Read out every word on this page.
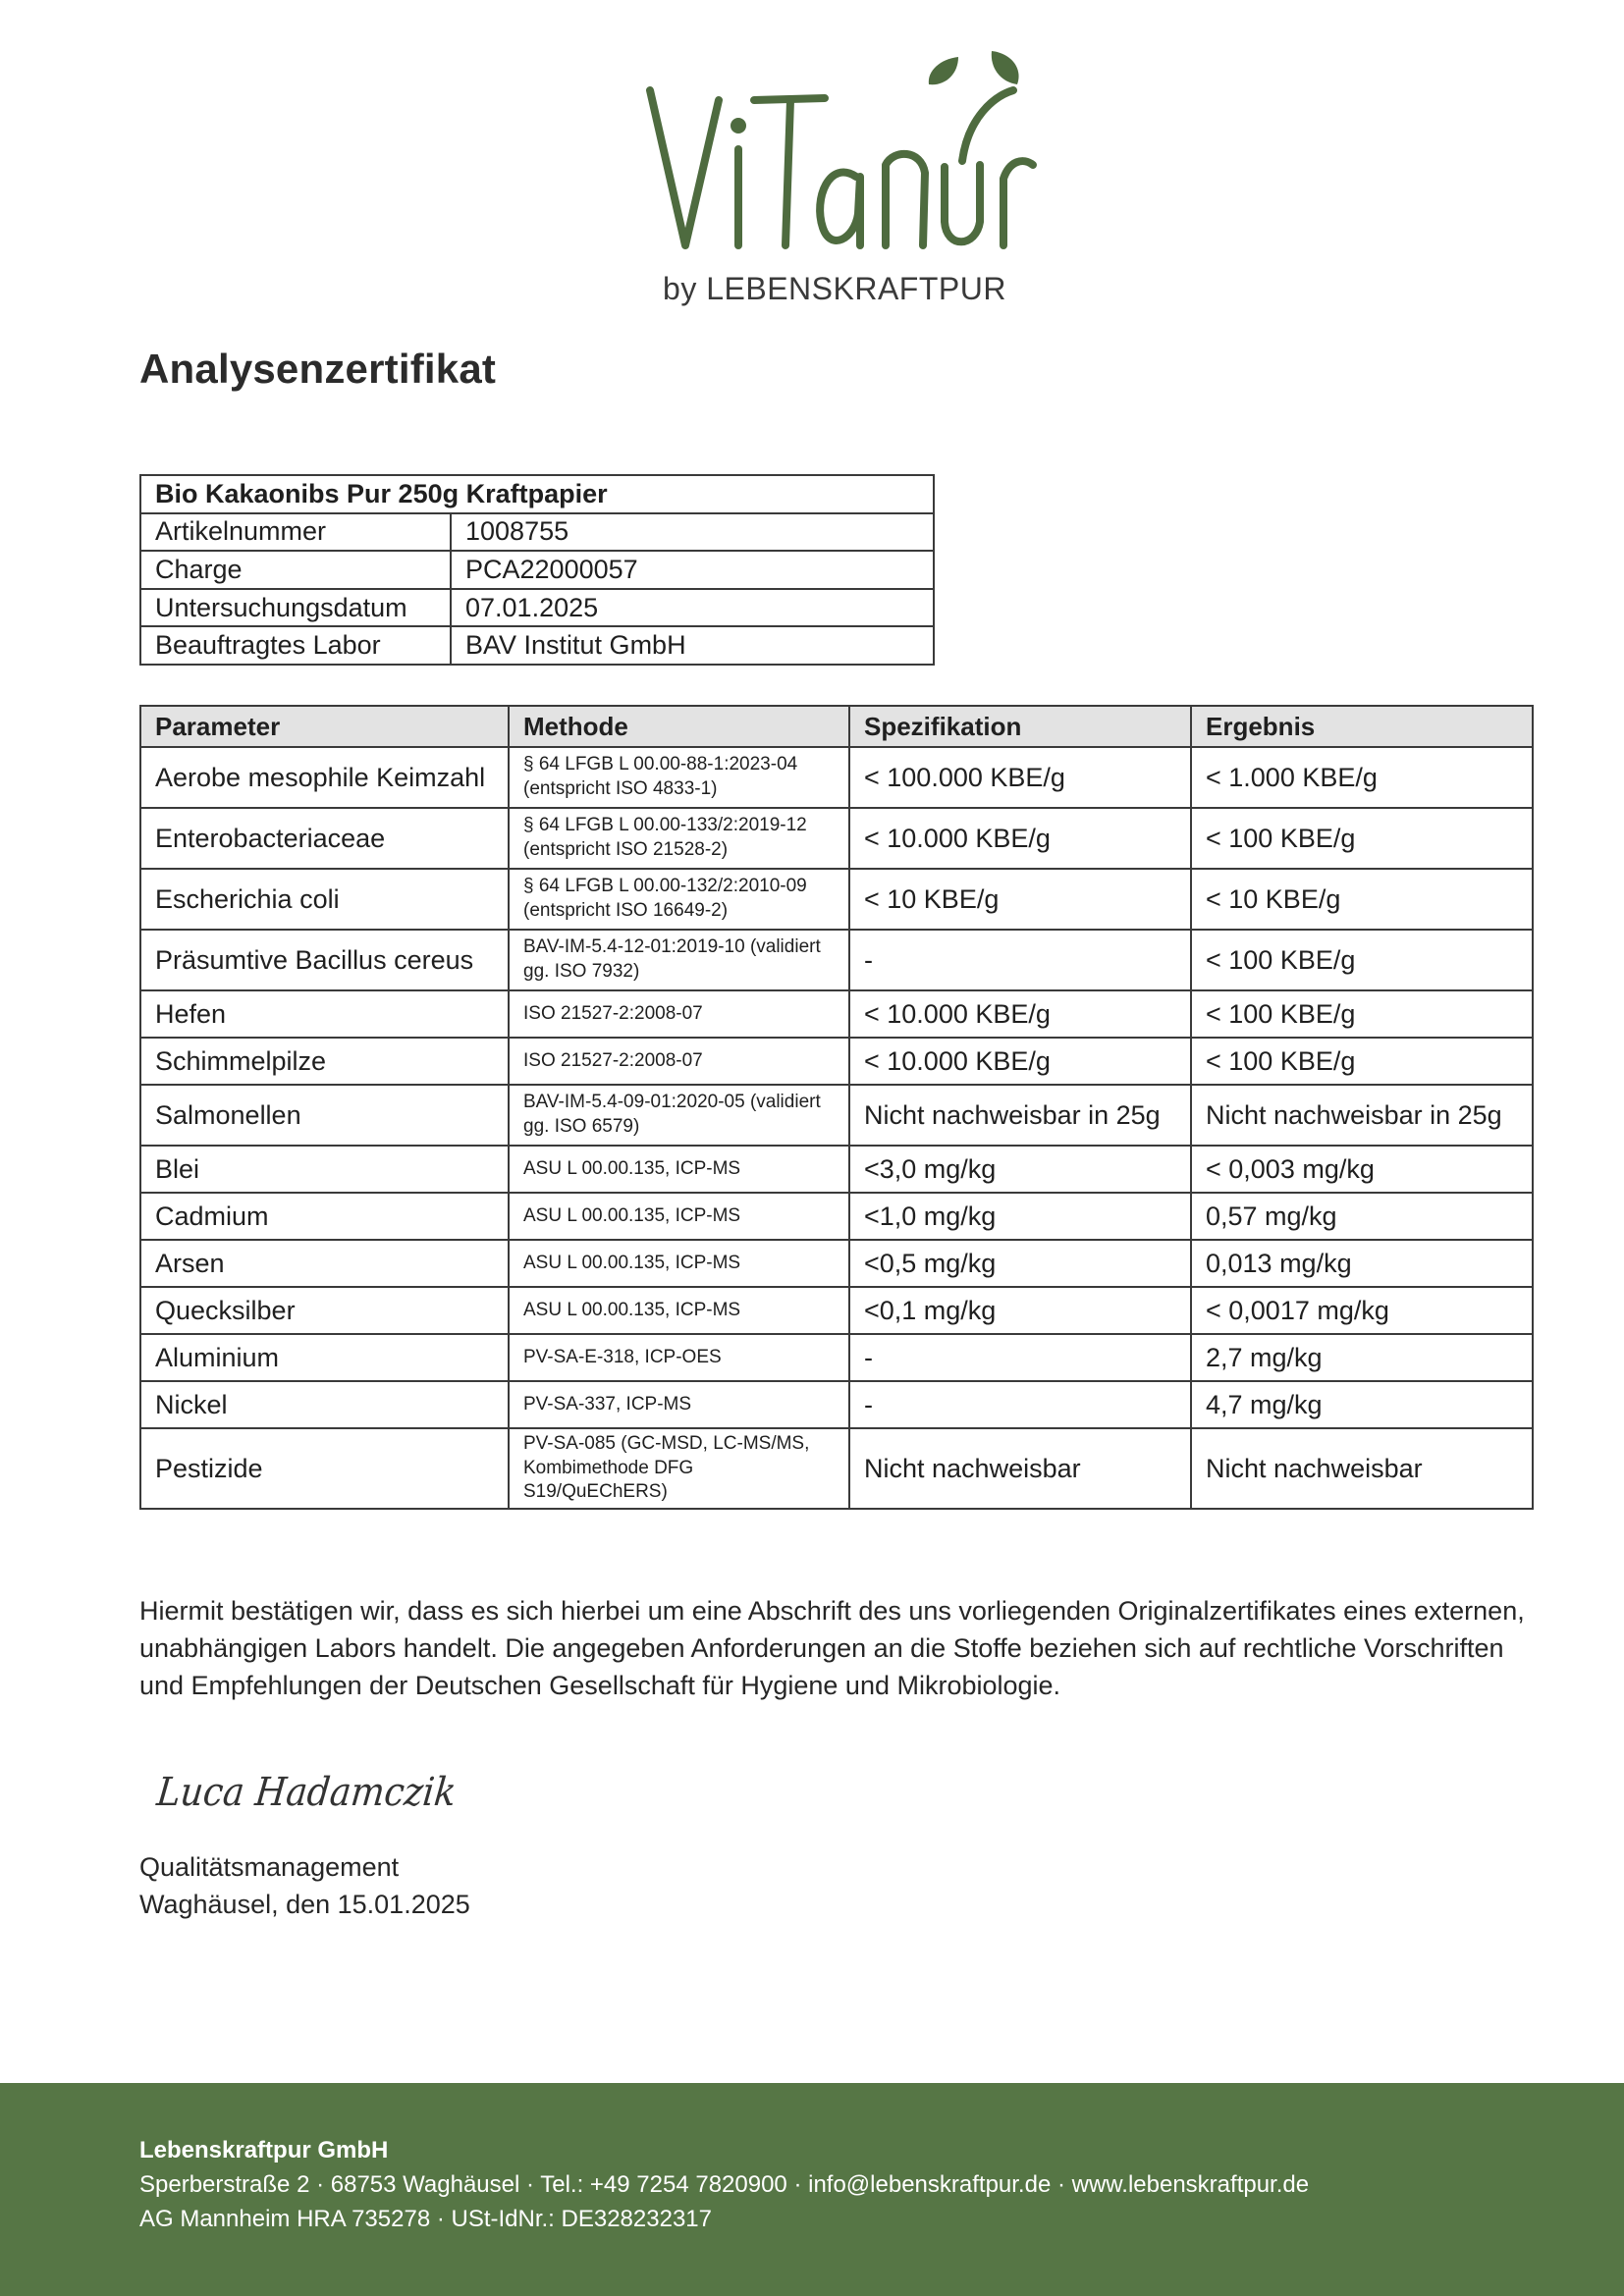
by LEBENSKRAFTPUR
Analysenzertifikat
Bio Kakaonibs Pur 250g Kraftpapier	
Artikelnummer	1008755
Charge	PCA22000057
Untersuchungsdatum	07.01.2025
Beauftragtes Labor	BAV Institut GmbH
Parameter	Methode	Spezifikation	Ergebnis
Aerobe mesophile Keimzahl	§ 64 LFGB L 00.00-88-1:2023-04 (entspricht ISO 4833-1)	< 100.000 KBE/g	< 1.000 KBE/g
Enterobacteriaceae	§ 64 LFGB L 00.00-133/2:2019-12 (entspricht ISO 21528-2)	< 10.000 KBE/g	< 100 KBE/g
Escherichia coli	§ 64 LFGB L 00.00-132/2:2010-09 (entspricht ISO 16649-2)	< 10 KBE/g	< 10 KBE/g
Präsumtive Bacillus cereus	BAV-IM-5.4-12-01:2019-10 (validiert gg. ISO 7932)	-	< 100 KBE/g
Hefen	ISO 21527-2:2008-07	< 10.000 KBE/g	< 100 KBE/g
Schimmelpilze	ISO 21527-2:2008-07	< 10.000 KBE/g	< 100 KBE/g
Salmonellen	BAV-IM-5.4-09-01:2020-05 (validiert gg. ISO 6579)	Nicht nachweisbar in 25g	Nicht nachweisbar in 25g
Blei	ASU L 00.00.135, ICP-MS	<3,0 mg/kg	< 0,003 mg/kg
Cadmium	ASU L 00.00.135, ICP-MS	<1,0 mg/kg	0,57 mg/kg
Arsen	ASU L 00.00.135, ICP-MS	<0,5 mg/kg	0,013 mg/kg
Quecksilber	ASU L 00.00.135, ICP-MS	<0,1 mg/kg	< 0,0017 mg/kg
Aluminium	PV-SA-E-318, ICP-OES	-	2,7 mg/kg
Nickel	PV-SA-337, ICP-MS	-	4,7 mg/kg
Pestizide	PV-SA-085 (GC-MSD, LC-MS/MS, Kombimethode DFG S19/QuEChERS)	Nicht nachweisbar	Nicht nachweisbar

Hiermit bestätigen wir, dass es sich hierbei um eine Abschrift des uns vorliegenden Originalzertifikates eines externen, unabhängigen Labors handelt. Die angegeben Anforderungen an die Stoffe beziehen sich auf rechtliche Vorschriften und Empfehlungen der Deutschen Gesellschaft für Hygiene und Mikrobiologie.

Luca Hadamczik
Qualitätsmanagement
Waghäusel, den 15.01.2025
Lebenskraftpur GmbH
Sperberstraße 2 · 68753 Waghäusel · Tel.: +49 7254 7820900 · info@lebenskraftpur.de · www.lebenskraftpur.de
AG Mannheim HRA 735278 · USt-IdNr.: DE328232317
